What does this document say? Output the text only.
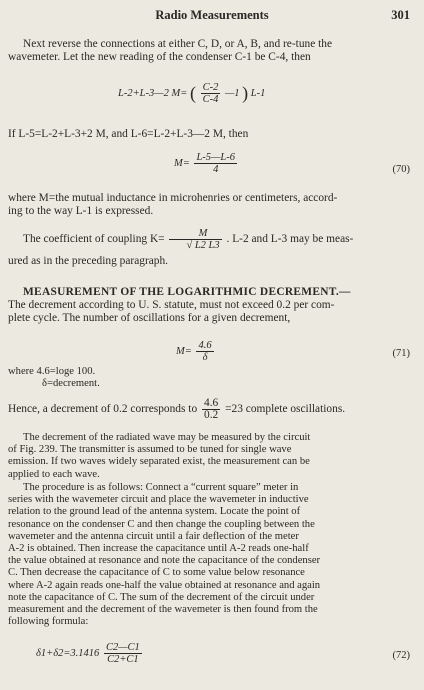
Radio Measurements	301
Next reverse the connections at either C, D, or A, B, and re-tune the
wavemeter. Let the new reading of the condenser C-1 be C-4, then
L-2+L-3—2 M= ( $\frac{C-2}{C-4}$ —1 ) L-1
If L-5=L-2+L-3+2 M, and L-6=L-2+L-3—2 M, then
$M= \frac{L-5—L-6}{4}$	(70)
where M=the mutual inductance in microhenries or centimeters, accord-
ing to the way L-1 is expressed.
The coefficient of coupling $K= \frac{M}{√ L2 L3}$ . L-2 and L-3 may be meas-
ured as in the preceding paragraph.
MEASUREMENT OF THE LOGARITHMIC DECREMENT.—
The decrement according to U. S. statute, must not exceed 0.2 per com-
plete cycle. The number of oscillations for a given decrement,
$M= \frac{4.6}{\delta}$	(71)
where 4.6=loge 100.
δ=decrement.
Hence, a decrement of 0.2 corresponds to $\frac{4.6}{0.2} =23$ complete oscillations.
The decrement of the radiated wave may be measured by the circuit
of Fig. 239. The transmitter is assumed to be tuned for single wave
emission. If two waves widely separated exist, the measurement can be
applied to each wave.
The procedure is as follows: Connect a “current square” meter in
series with the wavemeter circuit and place the wavemeter in inductive
relation to the ground lead of the antenna system. Locate the point of
resonance on the condenser C and then change the coupling between the
wavemeter and the antenna circuit until a fair deflection of the meter
A-2 is obtained. Then increase the capacitance until A-2 reads one-half
the value obtained at resonance and note the capacitance of the condenser
C. Then decrease the capacitance of C to some value below resonance
where A-2 again reads one-half the value obtained at resonance and again
note the capacitance of C. The sum of the decrement of the circuit under
measurement and the decrement of the wavemeter is then found from the
following formula:
$\delta 1+\delta 2=3.1416 \frac{C2—C1}{C2+C1}$	(72)
